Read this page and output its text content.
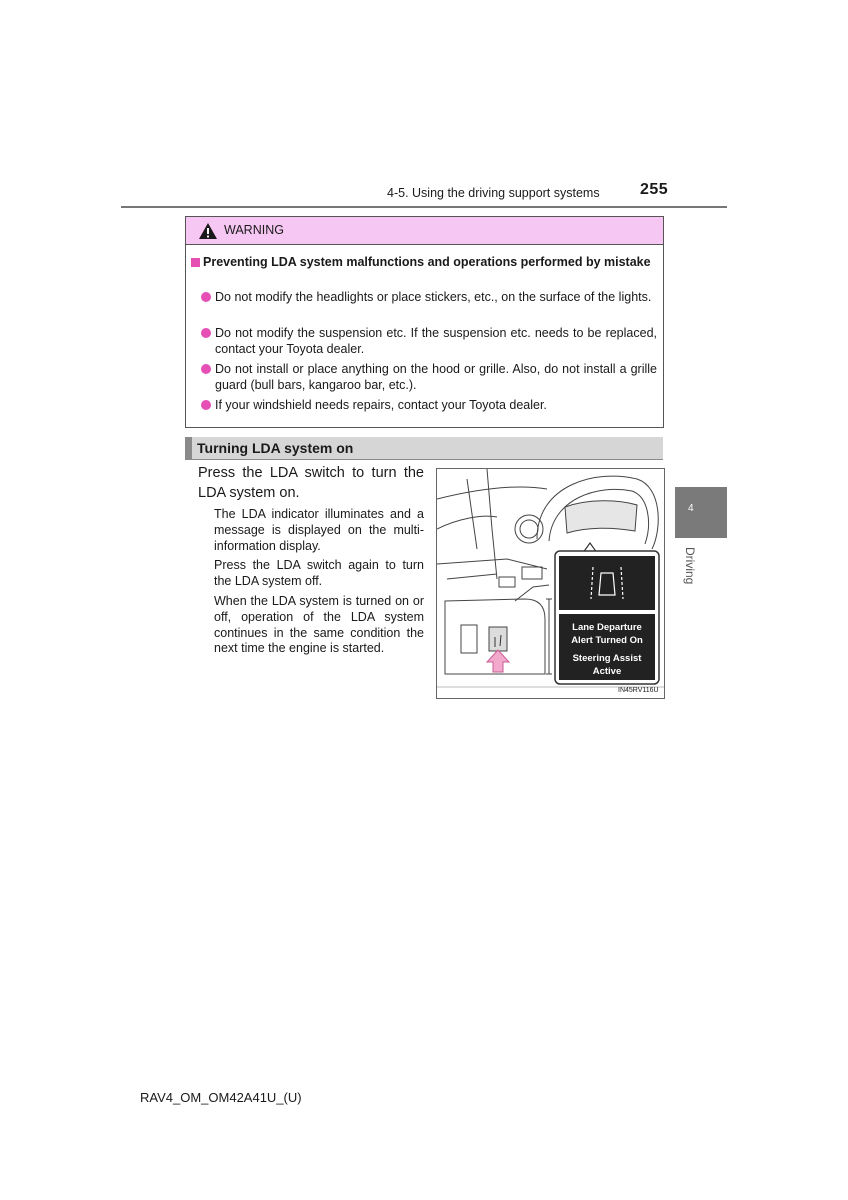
4-5. Using the driving support systems	255
WARNING
Preventing LDA system malfunctions and operations performed by mistake
Do not modify the headlights or place stickers, etc., on the surface of the lights.
Do not modify the suspension etc. If the suspension etc. needs to be replaced, contact your Toyota dealer.
Do not install or place anything on the hood or grille. Also, do not install a grille guard (bull bars, kangaroo bar, etc.).
If your windshield needs repairs, contact your Toyota dealer.
Turning LDA system on
Press the LDA switch to turn the LDA system on.
The LDA indicator illuminates and a message is displayed on the multi-information display.
Press the LDA switch again to turn the LDA system off.
When the LDA system is turned on or off, operation of the LDA system continues in the same condition the next time the engine is started.
Lane Departure
Alert Turned On
Steering Assist
Active
IN45RV116U
4
Driving
RAV4_OM_OM42A41U_(U)
